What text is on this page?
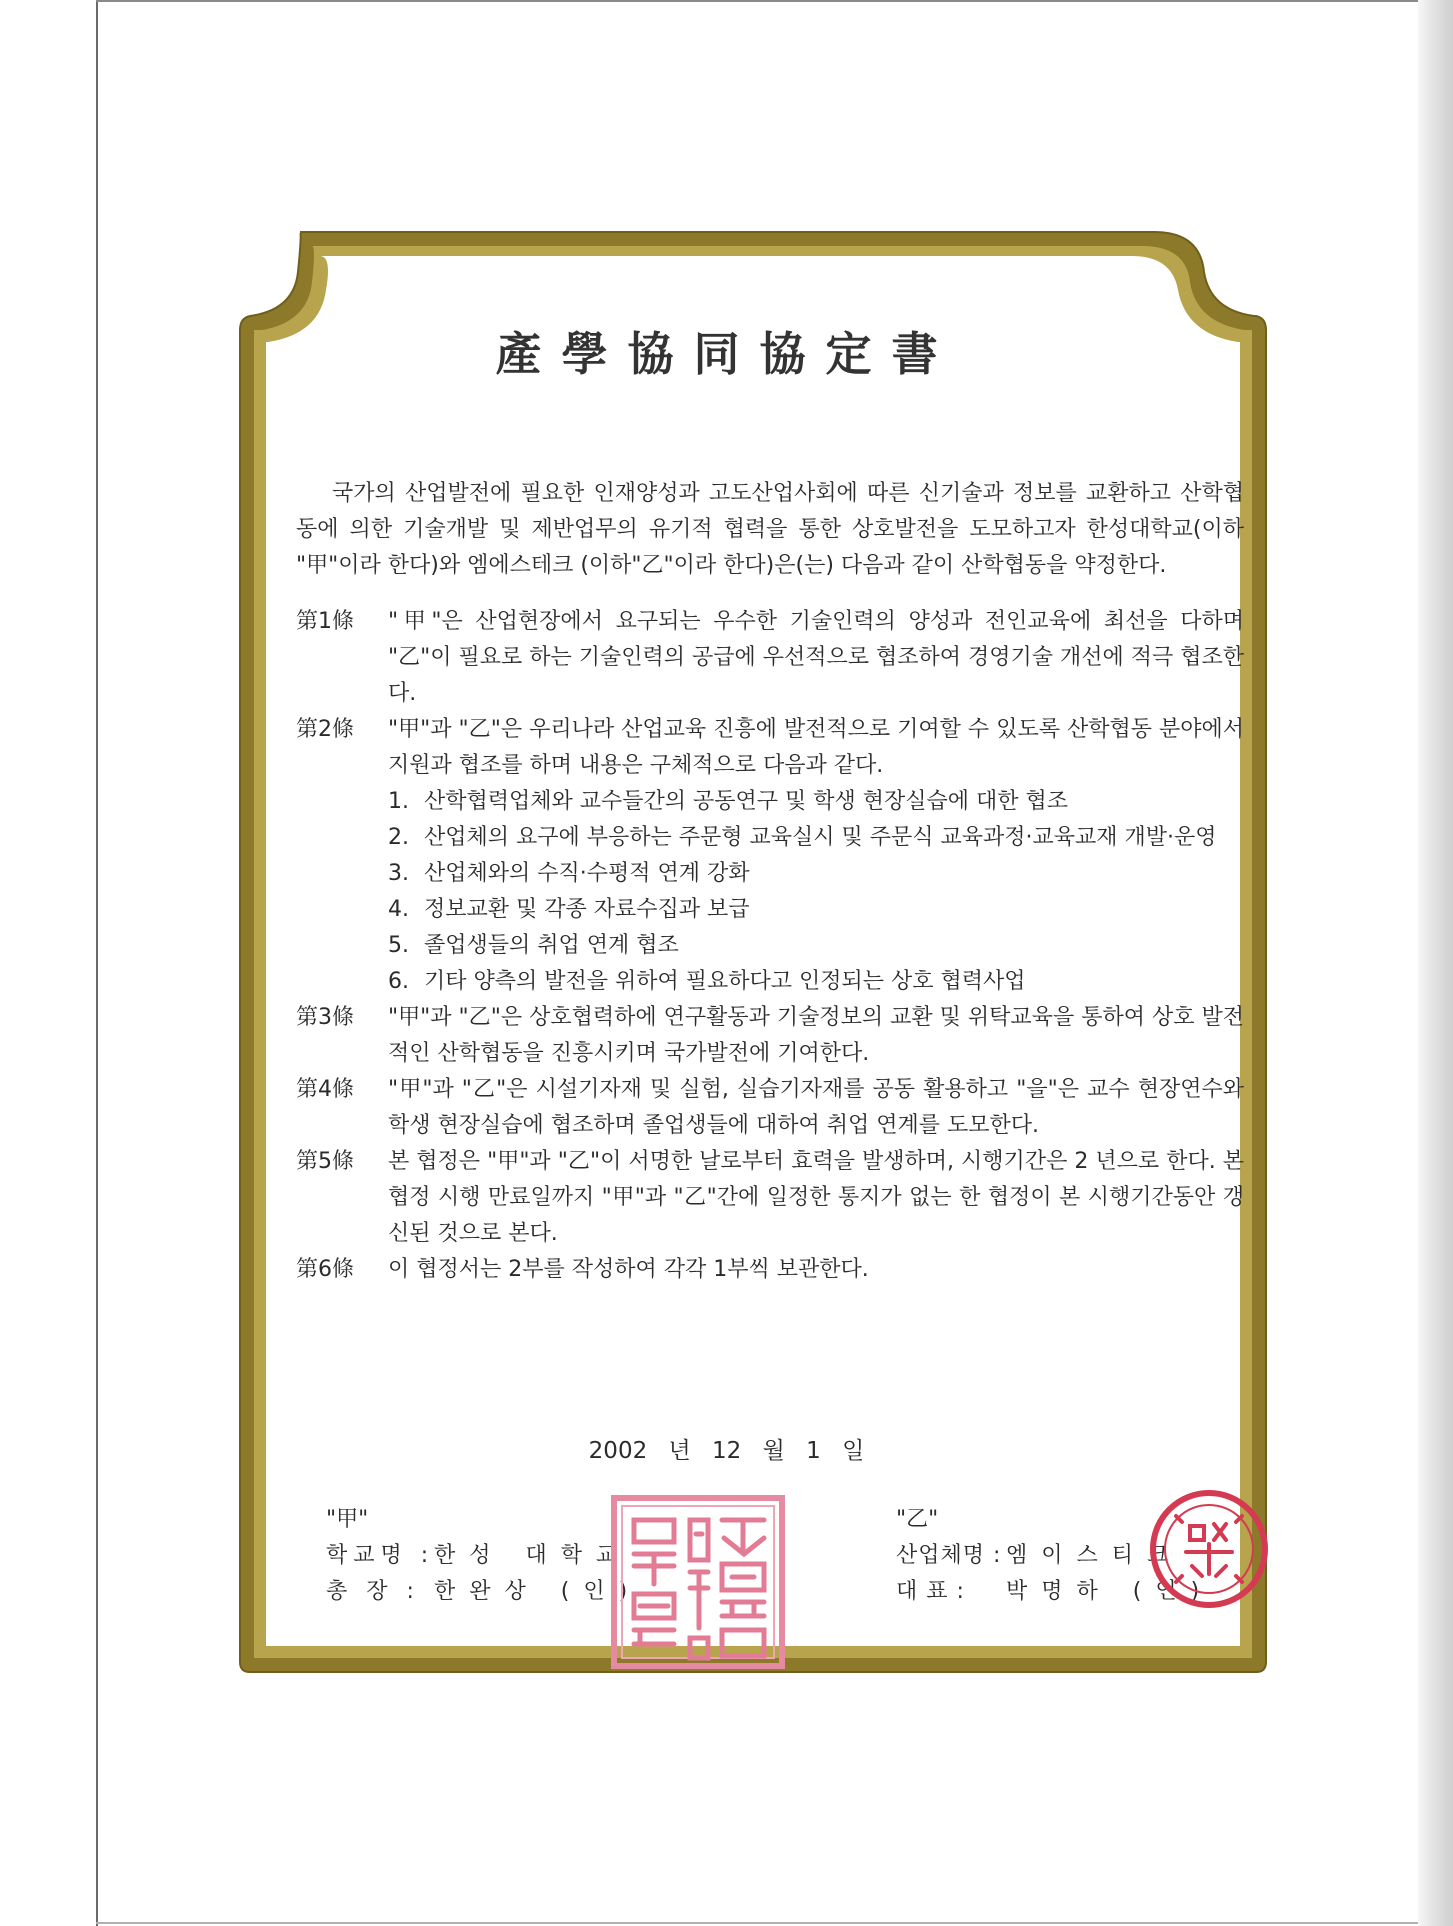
產學協同協定書

국가의 산업발전에 필요한 인재양성과 고도산업사회에 따른 신기술과 정보를 교환하고 산학협동에 의한 기술개발 및 제반업무의 유기적 협력을 통한 상호발전을 도모하고자 한성대학교(이하 "甲"이라 한다)와 엠에스테크 (이하"乙"이라 한다)은(는) 다음과 같이 산학협동을 약정한다.

第1條	"甲"은 산업현장에서 요구되는 우수한 기술인력의 양성과 전인교육에 최선을 다하며 "乙"이 필요로 하는 기술인력의 공급에 우선적으로 협조하여 경영기술 개선에 적극 협조한다.
第2條	"甲"과 "乙"은 우리나라 산업교육 진흥에 발전적으로 기여할 수 있도록 산학협동 분야에서 지원과 협조를 하며 내용은 구체적으로 다음과 같다.
1. 산학협력업체와 교수들간의 공동연구 및 학생 현장실습에 대한 협조
2. 산업체의 요구에 부응하는 주문형 교육실시 및 주문식 교육과정·교육교재 개발·운영
3. 산업체와의 수직·수평적 연계 강화
4. 정보교환 및 각종 자료수집과 보급
5. 졸업생들의 취업 연계 협조
6. 기타 양측의 발전을 위하여 필요하다고 인정되는 상호 협력사업
第3條	"甲"과 "乙"은 상호협력하에 연구활동과 기술정보의 교환 및 위탁교육을 통하여 상호 발전적인 산학협동을 진흥시키며 국가발전에 기여한다.
第4條	"甲"과 "乙"은 시설기자재 및 실험, 실습기자재를 공동 활용하고 "을"은 교수 현장연수와 학생 현장실습에 협조하며 졸업생들에 대하여 취업 연계를 도모한다.
第5條	본 협정은 "甲"과 "乙"이 서명한 날로부터 효력을 발생하며, 시행기간은 2 년으로 한다. 본 협정 시행 만료일까지 "甲"과 "乙"간에 일정한 통지가 없는 한 협정이 본 시행기간동안 갱신된 것으로 본다.
第6條	이 협정서는 2부를 작성하여 각각 1부씩 보관한다.
2002 년 12 월 1 일
"甲"
학교명 : 한성 대학교
총 장 : 한완상 (인)
"乙"
산업체명 : 엠이스티크
대 표 :	박명하 (인)
